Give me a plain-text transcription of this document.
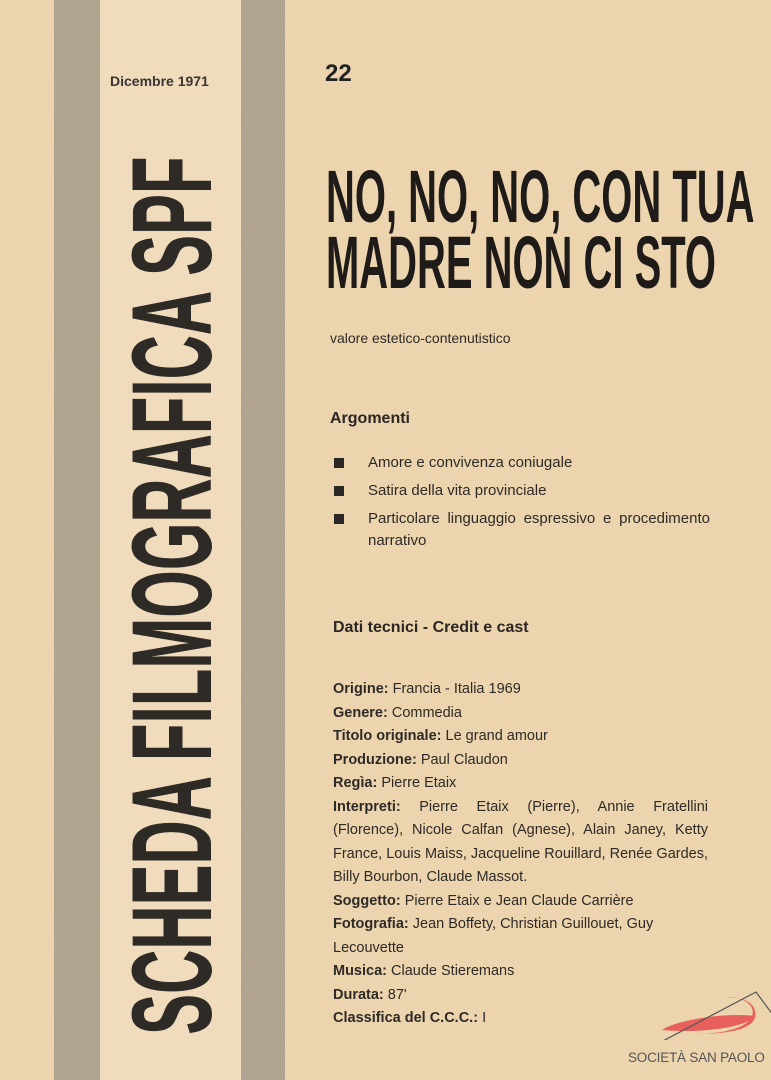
Dicembre 1971	22
SCHEDA FILMOGRAFICA SPF NO, NO, NO, CON TUA
MADRE NON CI STO
valore estetico-contenutistico
Argomenti
Amore e convivenza coniugale
Satira della vita provinciale
Particolare linguaggio espressivo e procedimento narrativo
Dati tecnici - Credit e cast

Origine: Francia - Italia 1969

Genere: Commedia

Titolo originale: Le grand amour

Produzione: Paul Claudon

Regìa: Pierre Etaix

Interpreti: Pierre Etaix (Pierre), Annie Fratellini (Florence), Nicole Calfan (Agnese), Alain Janey, Ketty France, Louis Maiss, Jacqueline Rouillard, Renée Gardes, Billy Bourbon, Claude Massot.

Soggetto: Pierre Etaix e Jean Claude Carrière

Fotografia: Jean Boffety, Christian Guillouet, Guy Lecouvette

Musica: Claude Stieremans

Durata: 87'

Classifica del C.C.C.: I

SOCIETÀ SAN PAOLO
